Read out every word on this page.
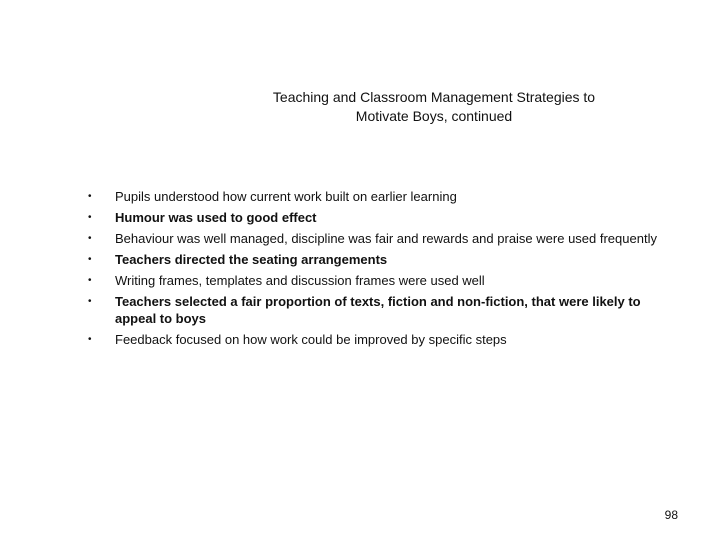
Teaching and Classroom Management Strategies to
Motivate Boys, continued
• Pupils understood how current work built on earlier learning
• Humour was used to good effect
• Behaviour was well managed, discipline was fair and rewards and praise were used frequently
• Teachers directed the seating arrangements
• Writing frames, templates and discussion frames were used well
• Teachers selected a fair proportion of texts, fiction and non-fiction, that were likely to appeal to boys
• Feedback focused on how work could be improved by specific steps
98
